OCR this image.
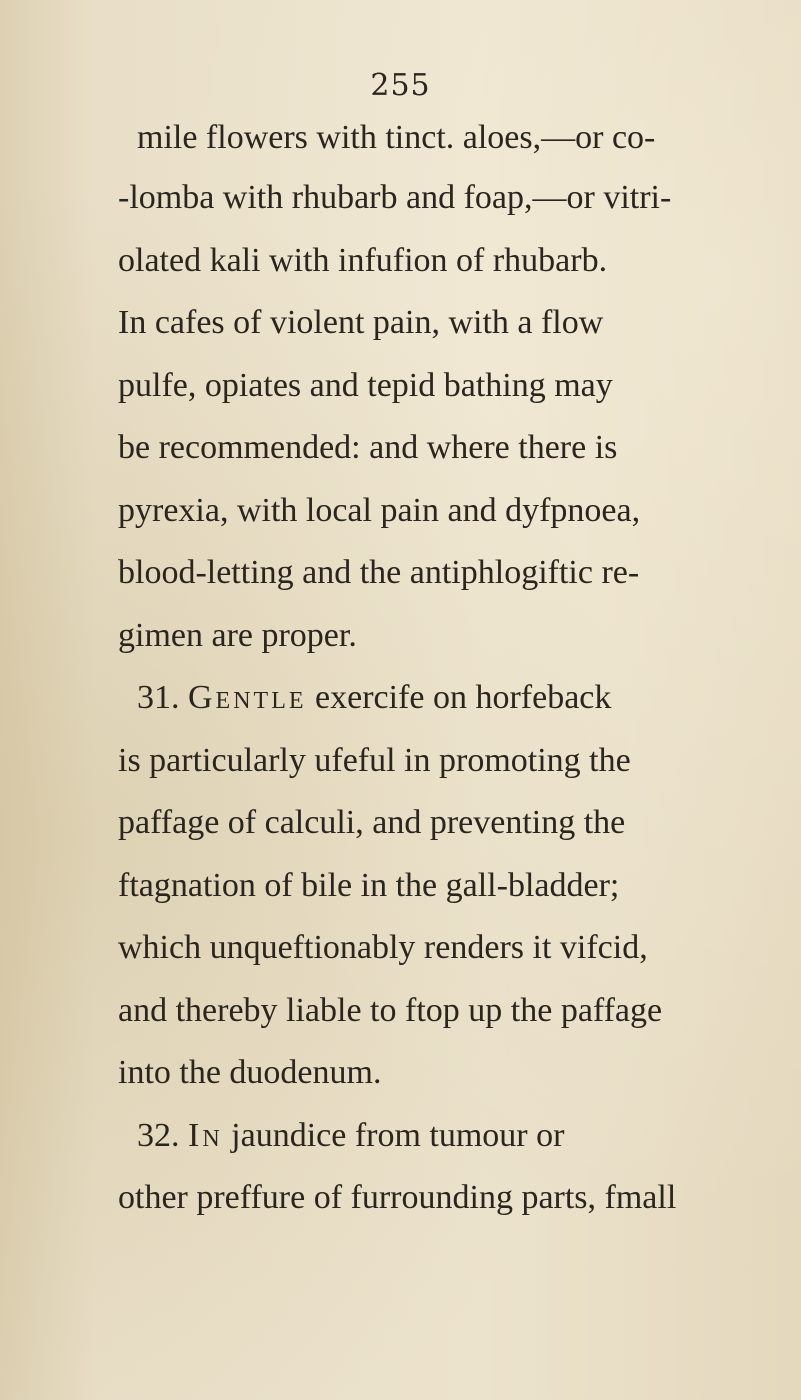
255
mile flowers with tinct. aloes,—or co-
-lomba with rhubarb and foap,—or vitri-
olated kali with infufion of rhubarb.
In cafes of violent pain, with a flow
pulfe, opiates and tepid bathing may
be recommended: and where there is
pyrexia, with local pain and dyfpnoea,
blood-letting and the antiphlogiftic re-
gimen are proper.
31. Gentle exercife on horfeback
is particularly ufeful in promoting the
paffage of calculi, and preventing the
ftagnation of bile in the gall-bladder;
which unqueftionably renders it vifcid,
and thereby liable to ftop up the paffage
into the duodenum.
32. In jaundice from tumour or
other preffure of furrounding parts, fmall
